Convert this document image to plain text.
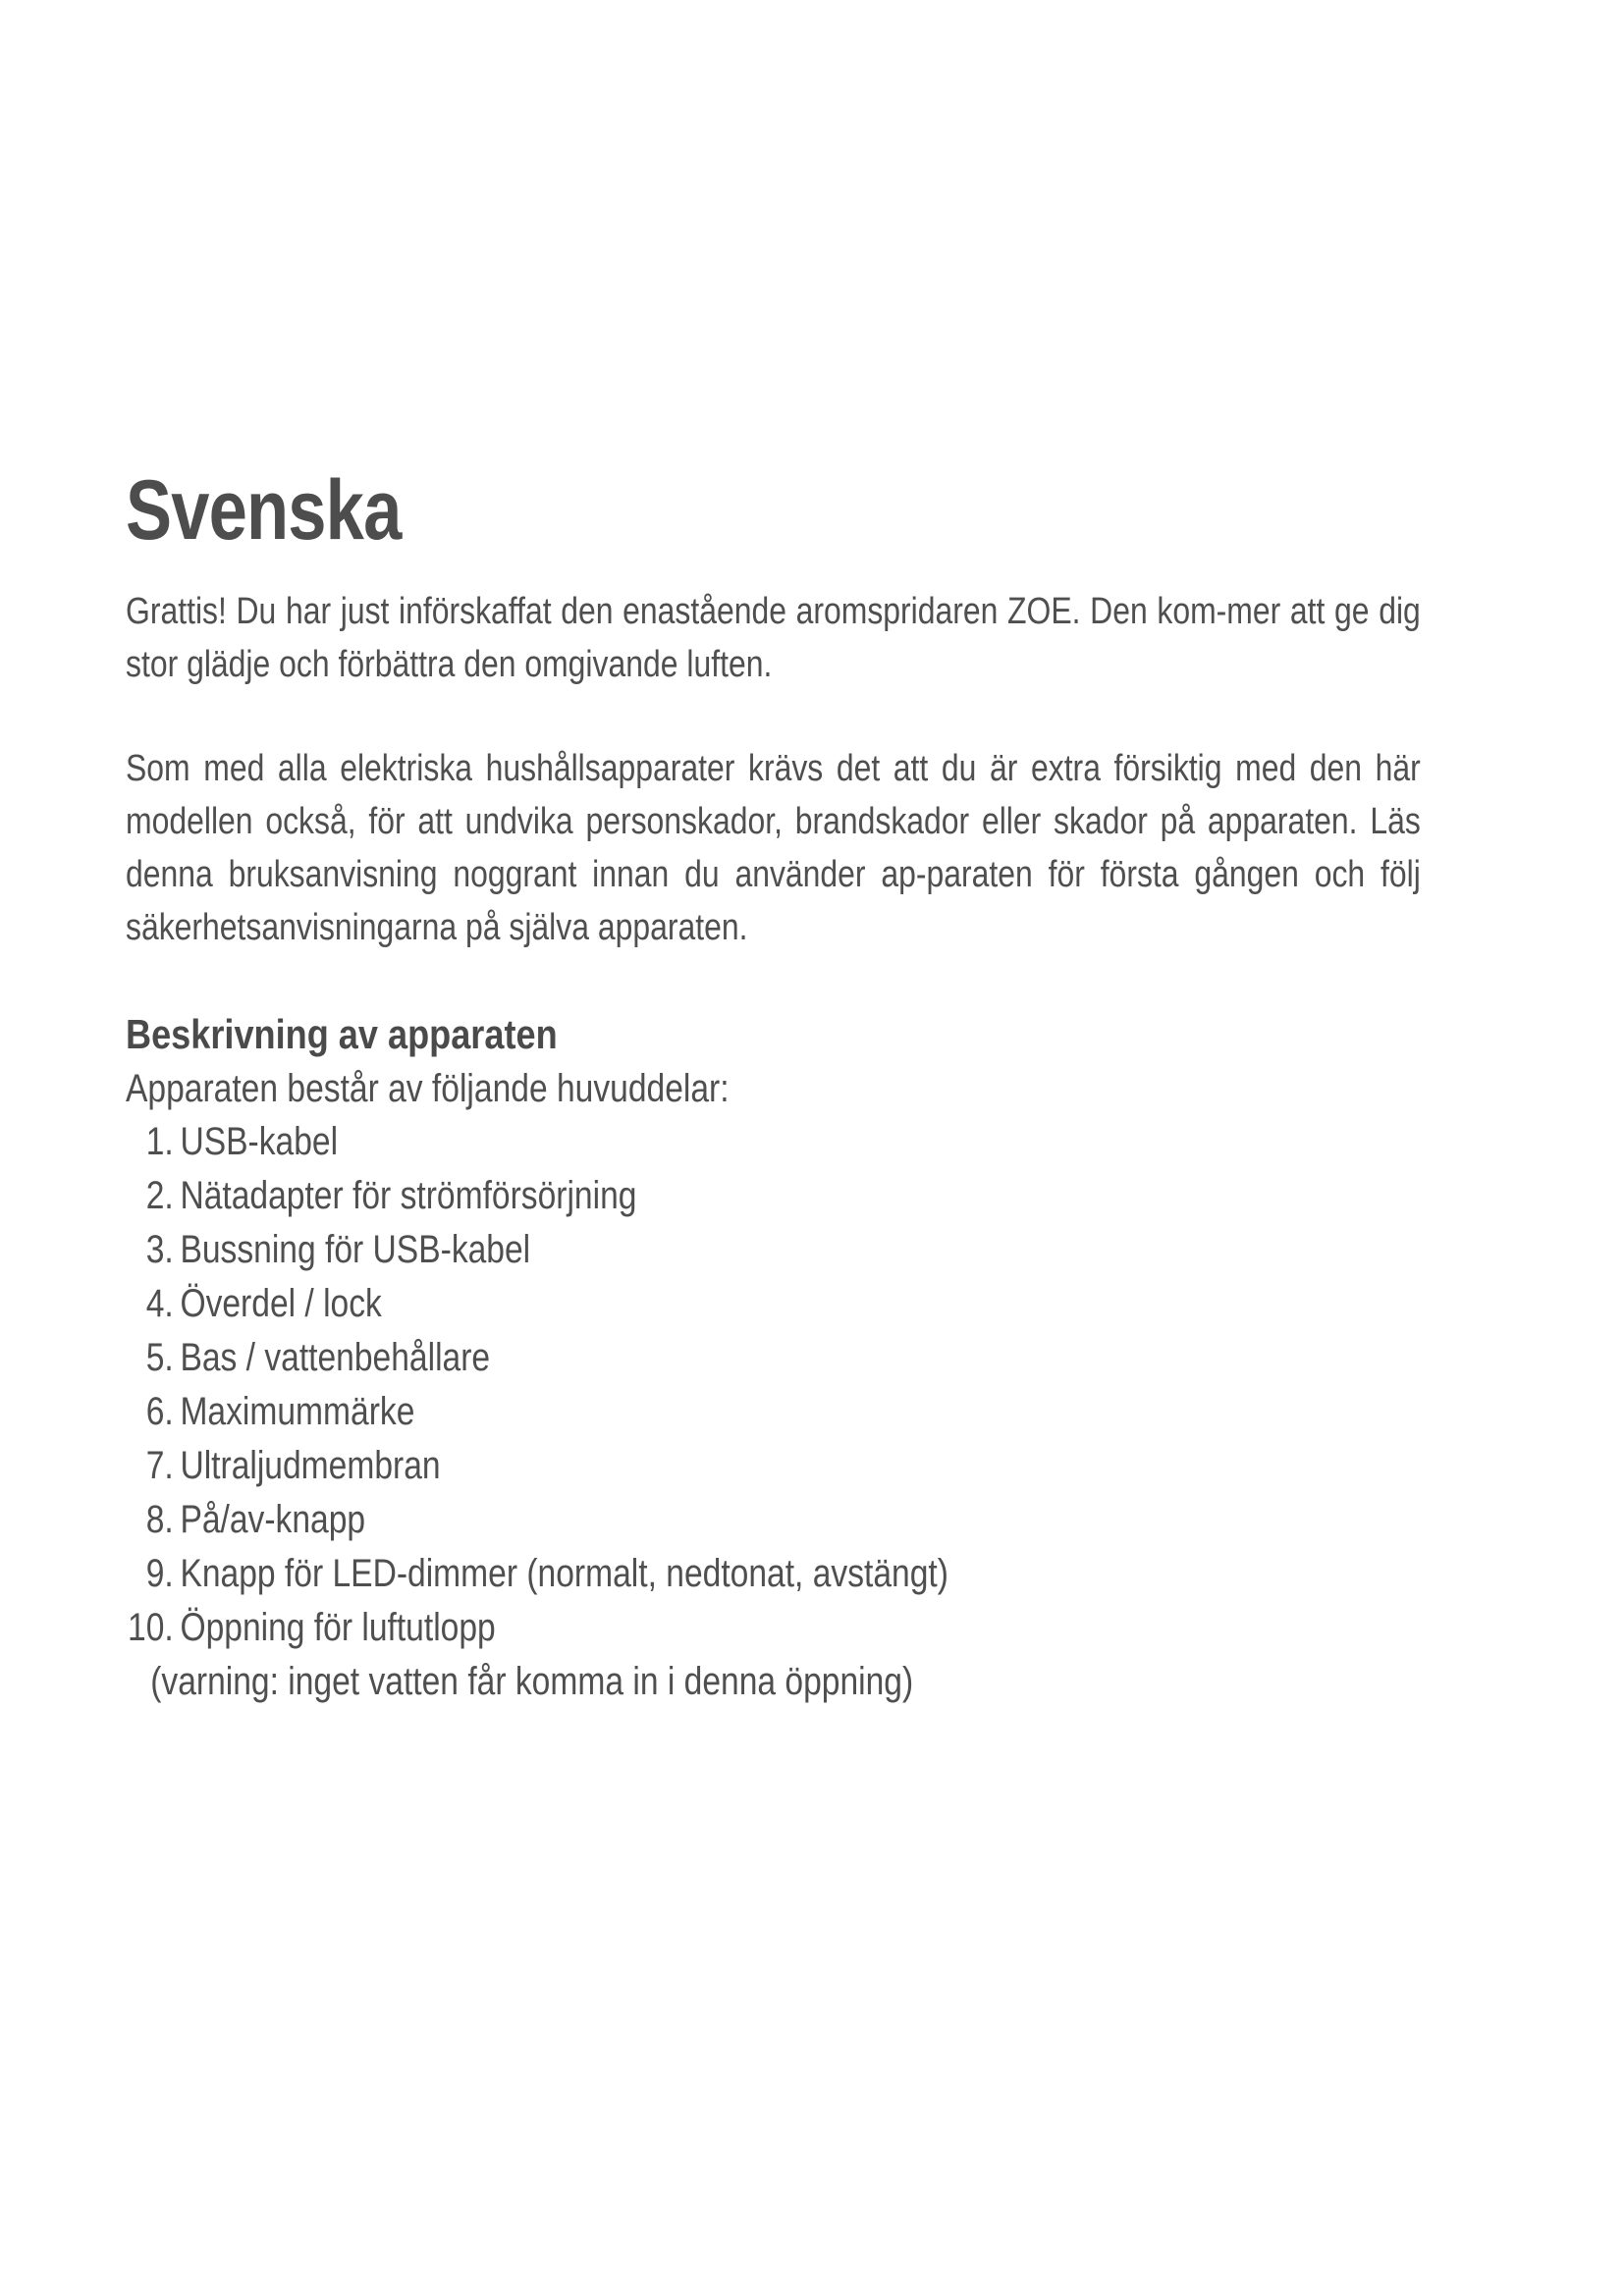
Svenska

Grattis! Du har just införskaffat den enastående aromspridaren ZOE. Den kom-mer att ge dig stor glädje och förbättra den omgivande luften.

Som med alla elektriska hushållsapparater krävs det att du är extra försiktig med den här modellen också, för att undvika personskador, brandskador eller skador på apparaten. Läs denna bruksanvisning noggrant innan du använder ap-paraten för första gången och följ säkerhetsanvisningarna på själva apparaten.

Beskrivning av apparaten

Apparaten består av följande huvuddelar:

1. USB-kabel
2. Nätadapter för strömförsörjning
3. Bussning för USB-kabel
4. Överdel / lock
5. Bas / vattenbehållare
6. Maximummärke
7. Ultraljudmembran
8. På/av-knapp
9. Knapp för LED-dimmer (normalt, nedtonat, avstängt)
10. Öppning för luftutlopp
(varning: inget vatten får komma in i denna öppning)
